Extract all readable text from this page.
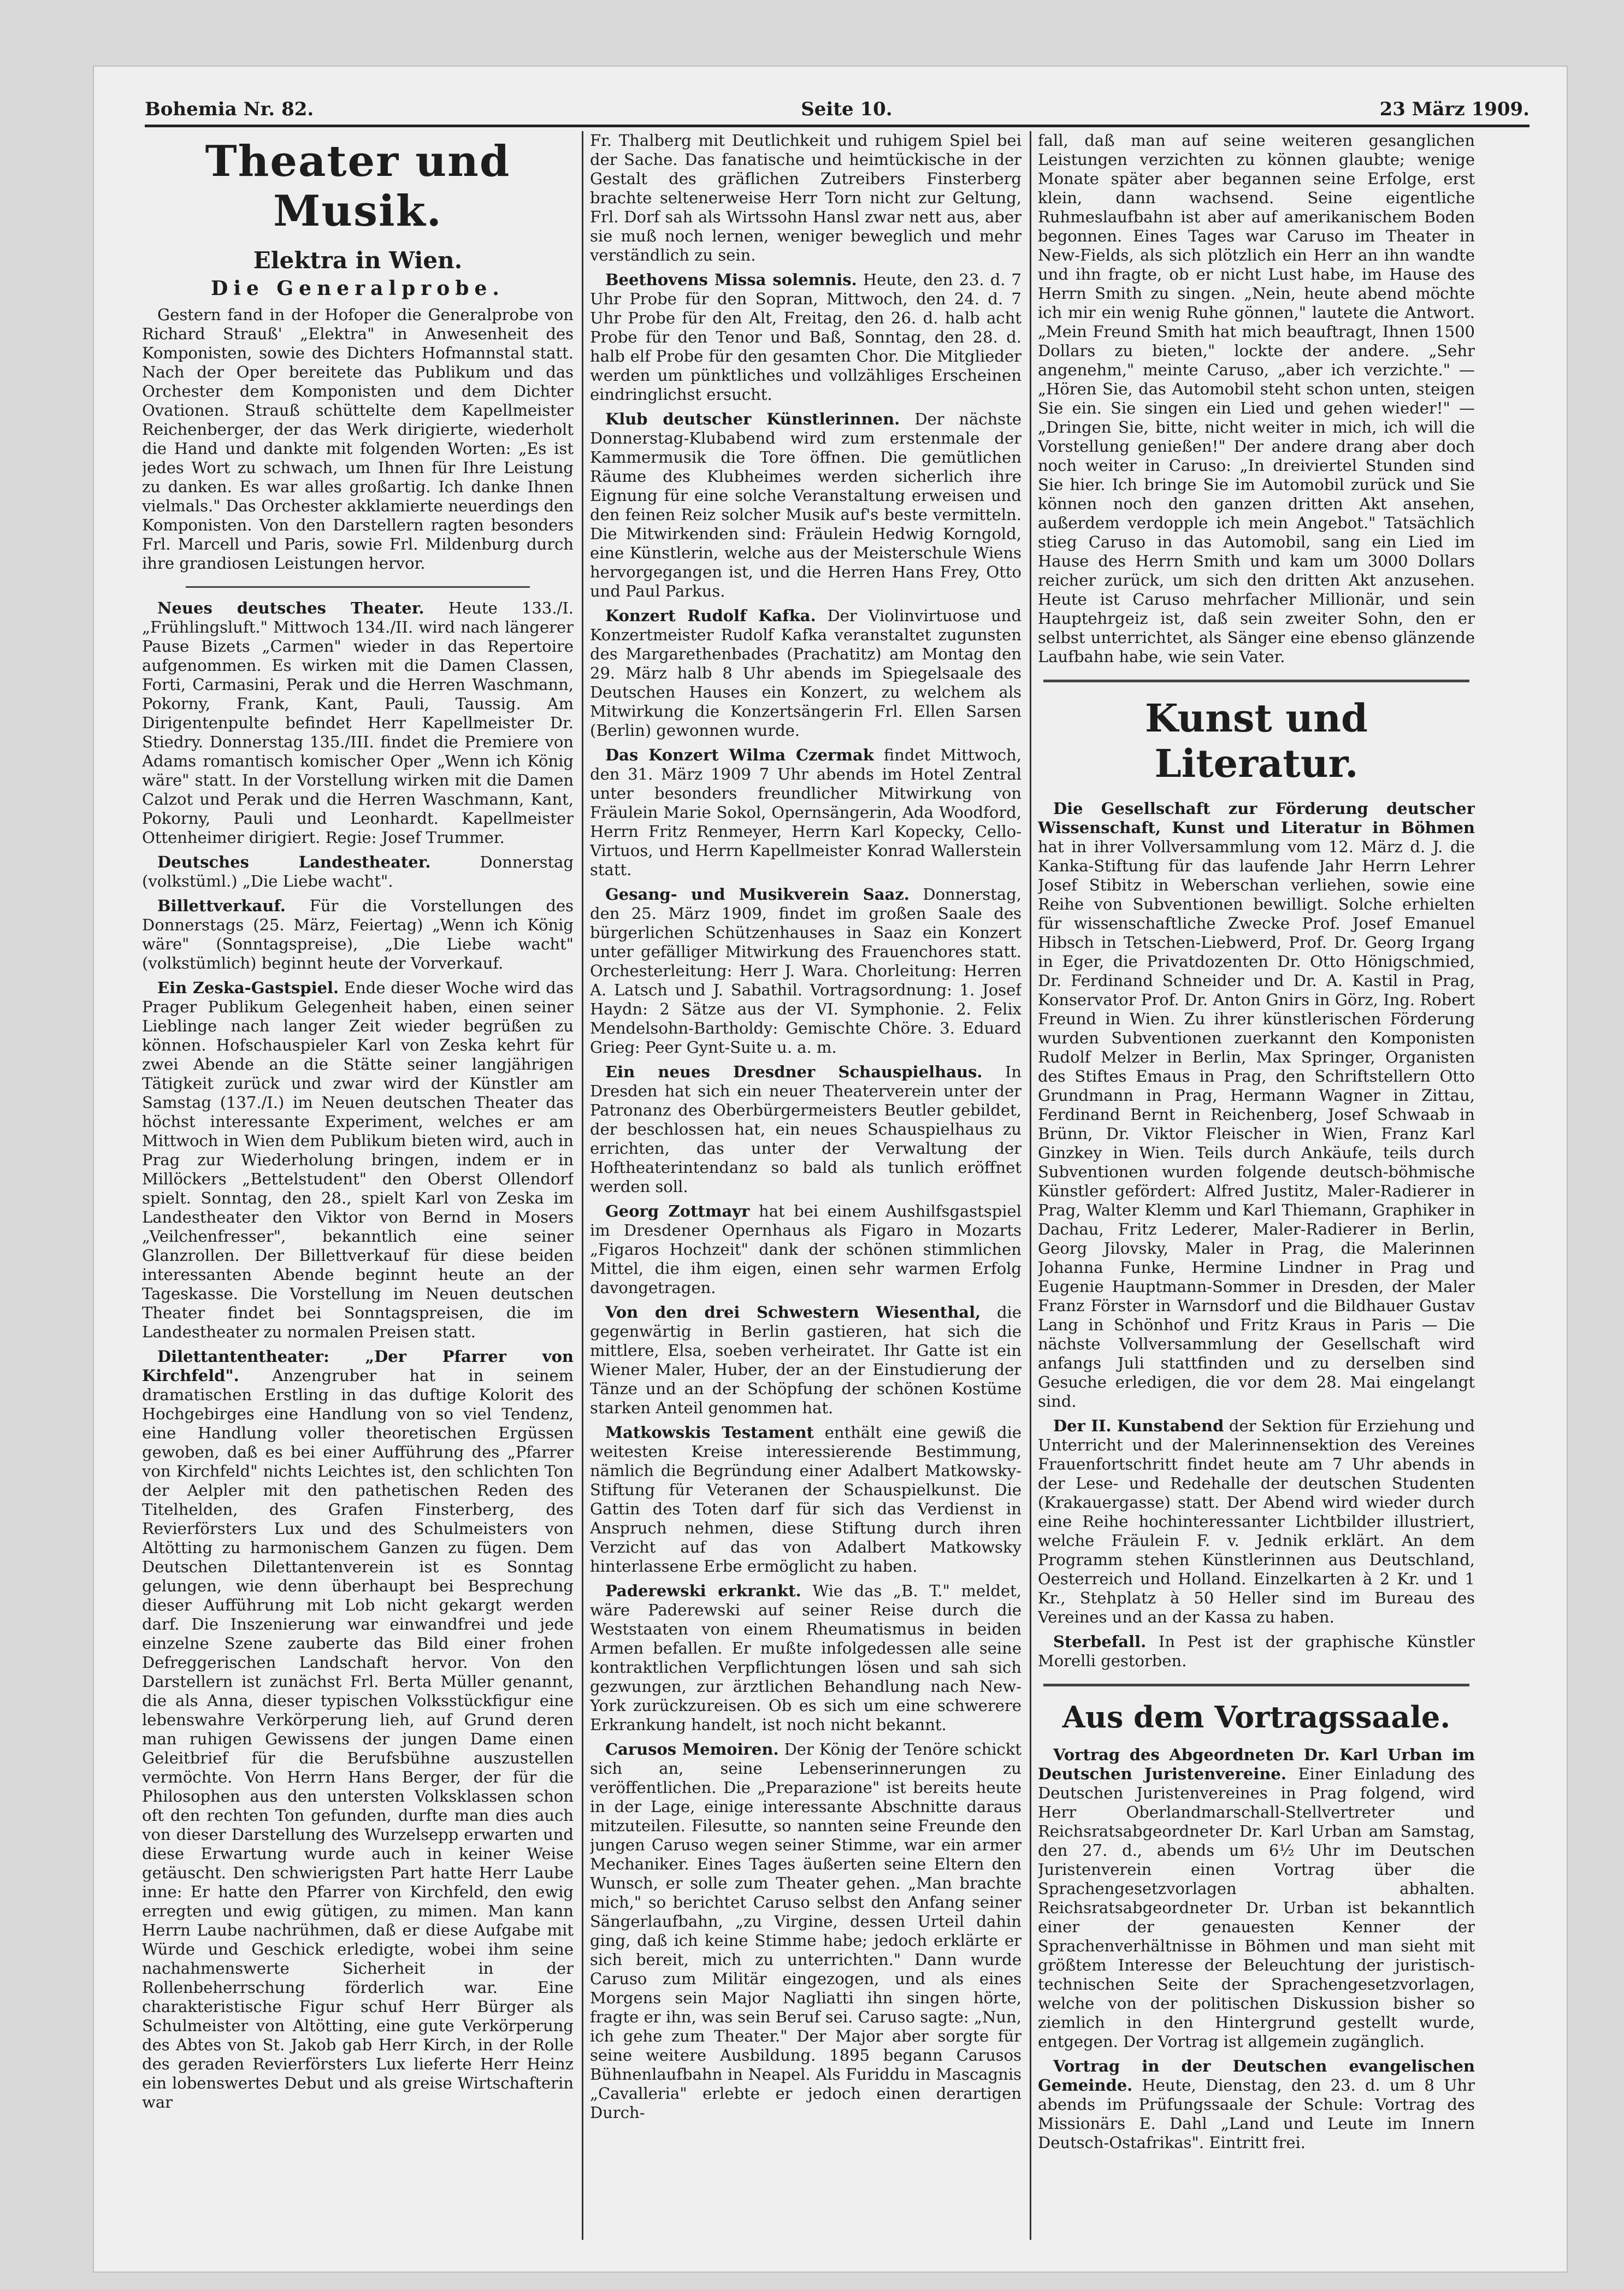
Bohemia Nr. 82.	Seite 10.	23 März 1909.
Theater und Musik.
Elektra in Wien.
Die Generalprobe.

Gestern fand in der Hofoper die Generalprobe von Richard Strauß' „Elektra" in Anwesenheit des Komponisten, sowie des Dichters Hofmannstal statt. Nach der Oper bereitete das Publikum und das Orchester dem Komponisten und dem Dichter Ovationen. Strauß schüttelte dem Kapellmeister Reichenberger, der das Werk dirigierte, wiederholt die Hand und dankte mit folgenden Worten: „Es ist jedes Wort zu schwach, um Ihnen für Ihre Leistung zu danken. Es war alles großartig. Ich danke Ihnen vielmals." Das Orchester akklamierte neuerdings den Komponisten. Von den Darstellern ragten besonders Frl. Marcell und Paris, sowie Frl. Mildenburg durch ihre grandiosen Leistungen hervor.

Neues deutsches Theater. Heute 133./I. „Frühlingsluft." Mittwoch 134./II. wird nach längerer Pause Bizets „Carmen" wieder in das Repertoire aufgenommen. Es wirken mit die Damen Classen, Forti, Carmasini, Perak und die Herren Waschmann, Pokorny, Frank, Kant, Pauli, Taussig. Am Dirigentenpulte befindet Herr Kapellmeister Dr. Stiedry. Donnerstag 135./III. findet die Premiere von Adams romantisch komischer Oper „Wenn ich König wäre" statt. In der Vorstellung wirken mit die Damen Calzot und Perak und die Herren Waschmann, Kant, Pokorny, Pauli und Leonhardt. Kapellmeister Ottenheimer dirigiert. Regie: Josef Trummer.

Deutsches Landestheater.	Donnerstag (volkstüml.) „Die Liebe wacht".

Billettverkauf. Für die Vorstellungen des Donnerstags (25. März, Feiertag) „Wenn ich König wäre" (Sonntagspreise), „Die Liebe wacht" (volkstümlich) beginnt heute der Vorverkauf.

Ein Zeska-Gastspiel. Ende dieser Woche wird das Prager Publikum Gelegenheit haben, einen seiner Lieblinge nach langer Zeit wieder begrüßen zu können. Hofschauspieler Karl von Zeska kehrt für zwei Abende an die Stätte seiner langjährigen Tätigkeit zurück und zwar wird der Künstler am Samstag (137./I.) im Neuen deutschen Theater das höchst interessante Experiment, welches er am Mittwoch in Wien dem Publikum bieten wird, auch in Prag zur Wiederholung bringen, indem er in Millöckers „Bettelstudent" den Oberst Ollendorf spielt. Sonntag, den 28., spielt Karl von Zeska im Landestheater den Viktor von Bernd in Mosers „Veilchenfresser", bekanntlich eine seiner Glanzrollen. Der Billettverkauf für diese beiden interessanten Abende beginnt heute an der Tageskasse. Die Vorstellung im Neuen deutschen Theater findet bei Sonntagspreisen, die im Landestheater zu normalen Preisen statt.

Dilettantentheater: „Der Pfarrer von Kirchfeld". Anzengruber hat in seinem dramatischen Erstling in das duftige Kolorit des Hochgebirges eine Handlung von so viel Tendenz, eine Handlung voller theoretischen Ergüssen gewoben, daß es bei einer Aufführung des „Pfarrer von Kirchfeld" nichts Leichtes ist, den schlichten Ton der Aelpler mit den pathetischen Reden des Titelhelden, des Grafen Finsterberg, des Revierförsters Lux und des Schulmeisters von Altötting zu harmonischem Ganzen zu fügen. Dem Deutschen Dilettantenverein ist es Sonntag gelungen, wie denn überhaupt bei Besprechung dieser Aufführung mit Lob nicht gekargt werden darf. Die Inszenierung war einwandfrei und jede einzelne Szene zauberte das Bild einer frohen Defreggerischen Landschaft hervor. Von den Darstellern ist zunächst Frl. Berta Müller genannt, die als Anna, dieser typischen Volksstückfigur eine lebenswahre Verkörperung lieh, auf Grund deren man ruhigen Gewissens der jungen Dame einen Geleitbrief für die Berufsbühne auszustellen vermöchte. Von Herrn Hans Berger, der für die Philosophen aus den untersten Volksklassen schon oft den rechten Ton gefunden, durfte man dies auch von dieser Darstellung des Wurzelsepp erwarten und diese Erwartung wurde auch in keiner Weise getäuscht. Den schwierigsten Part hatte Herr Laube inne: Er hatte den Pfarrer von Kirchfeld, den ewig erregten und ewig gütigen, zu mimen. Man kann Herrn Laube nachrühmen, daß er diese Aufgabe mit Würde und Geschick erledigte, wobei ihm seine nachahmenswerte Sicherheit in der Rollenbeherrschung förderlich war. Eine charakteristische Figur schuf Herr Bürger als Schulmeister von Altötting, eine gute Verkörperung des Abtes von St. Jakob gab Herr Kirch, in der Rolle des geraden Revierförsters Lux lieferte Herr Heinz ein lobenswertes Debut und als greise Wirtschafterin war

Fr. Thalberg mit Deutlichkeit und ruhigem Spiel bei der Sache. Das fanatische und heimtückische in der Gestalt des gräflichen Zutreibers Finsterberg brachte seltenerweise Herr Torn nicht zur Geltung, Frl. Dorf sah als Wirtssohn Hansl zwar nett aus, aber sie muß noch lernen, weniger beweglich und mehr verständlich zu sein.

Beethovens Missa solemnis. Heute, den 23. d. 7 Uhr Probe für den Sopran, Mittwoch, den 24. d. 7 Uhr Probe für den Alt, Freitag, den 26. d. halb acht Probe für den Tenor und Baß, Sonntag, den 28. d. halb elf Probe für den gesamten Chor. Die Mitglieder werden um pünktliches und vollzähliges Erscheinen eindringlichst ersucht.

Klub deutscher Künstlerinnen. Der nächste Donnerstag-Klubabend wird zum erstenmale der Kammermusik die Tore öffnen. Die gemütlichen Räume des Klubheimes werden sicherlich ihre Eignung für eine solche Veranstaltung erweisen und den feinen Reiz solcher Musik auf's beste vermitteln. Die Mitwirkenden sind: Fräulein Hedwig Korngold, eine Künstlerin, welche aus der Meisterschule Wiens hervorgegangen ist, und die Herren Hans Frey, Otto und Paul Parkus.

Konzert Rudolf Kafka. Der Violinvirtuose und Konzertmeister Rudolf Kafka veranstaltet zugunsten des Margarethenbades (Prachatitz) am Montag den 29. März halb 8 Uhr abends im Spiegelsaale des Deutschen Hauses ein Konzert, zu welchem als Mitwirkung die Konzertsängerin Frl. Ellen Sarsen (Berlin) gewonnen wurde.

Das Konzert Wilma Czermak findet Mittwoch, den 31. März 1909 7 Uhr abends im Hotel Zentral unter besonders freundlicher Mitwirkung von Fräulein Marie Sokol, Opernsängerin, Ada Woodford, Herrn Fritz Renmeyer, Herrn Karl Kopecky, Cello-Virtuos, und Herrn Kapellmeister Konrad Wallerstein statt.

Gesang- und Musikverein Saaz. Donnerstag, den 25. März 1909, findet im großen Saale des bürgerlichen Schützenhauses in Saaz ein Konzert unter gefälliger Mitwirkung des Frauenchores statt. Orchesterleitung: Herr J. Wara. Chorleitung: Herren A. Latsch und J. Sabathil. Vortragsordnung: 1. Josef Haydn: 2 Sätze aus der VI. Symphonie. 2. Felix Mendelsohn-Bartholdy: Gemischte Chöre. 3. Eduard Grieg: Peer Gynt-Suite u. a. m.

Ein neues Dresdner Schauspielhaus. In Dresden hat sich ein neuer Theaterverein unter der Patronanz des Oberbürgermeisters Beutler gebildet, der beschlossen hat, ein neues Schauspielhaus zu errichten, das unter der Verwaltung der Hoftheaterintendanz so bald als tunlich eröffnet werden soll.

Georg Zottmayr hat bei einem Aushilfsgastspiel im Dresdener Opernhaus als Figaro in Mozarts „Figaros Hochzeit" dank der schönen stimmlichen Mittel, die ihm eigen, einen sehr warmen Erfolg davongetragen.

Von den drei Schwestern Wiesenthal, die gegenwärtig in Berlin gastieren, hat sich die mittlere, Elsa, soeben verheiratet. Ihr Gatte ist ein Wiener Maler, Huber, der an der Einstudierung der Tänze und an der Schöpfung der schönen Kostüme starken Anteil genommen hat.

Matkowskis Testament enthält eine gewiß die weitesten Kreise interessierende Bestimmung, nämlich die Begründung einer Adalbert Matkowsky-Stiftung für Veteranen der Schauspielkunst. Die Gattin des Toten darf für sich das Verdienst in Anspruch nehmen, diese Stiftung durch ihren Verzicht auf das von Adalbert Matkowsky hinterlassene Erbe ermöglicht zu haben.

Paderewski erkrankt. Wie das „B. T." meldet, wäre Paderewski auf seiner Reise durch die Weststaaten von einem Rheumatismus in beiden Armen befallen. Er mußte infolgedessen alle seine kontraktlichen Verpflichtungen lösen und sah sich gezwungen, zur ärztlichen Behandlung nach New-York zurückzureisen. Ob es sich um eine schwerere Erkrankung handelt, ist noch nicht bekannt.

Carusos Memoiren. Der König der Tenöre schickt sich an, seine Lebenserinnerungen zu veröffentlichen. Die „Preparazione" ist bereits heute in der Lage, einige interessante Abschnitte daraus mitzuteilen. Filesutte, so nannten seine Freunde den jungen Caruso wegen seiner Stimme, war ein armer Mechaniker. Eines Tages äußerten seine Eltern den Wunsch, er solle zum Theater gehen. „Man brachte mich," so berichtet Caruso selbst den Anfang seiner Sängerlaufbahn, „zu Virgine, dessen Urteil dahin ging, daß ich keine Stimme habe; jedoch erklärte er sich bereit, mich zu unterrichten." Dann wurde Caruso zum Militär eingezogen, und als eines Morgens sein Major Nagliatti ihn singen hörte, fragte er ihn, was sein Beruf sei. Caruso sagte: „Nun, ich gehe zum Theater." Der Major aber sorgte für seine weitere Ausbildung. 1895 begann Carusos Bühnenlaufbahn in Neapel. Als Furiddu in Mascagnis „Cavalleria" erlebte er jedoch einen derartigen Durch-

fall, daß man auf seine weiteren gesanglichen Leistungen verzichten zu können glaubte; wenige Monate später aber begannen seine Erfolge, erst klein, dann wachsend. Seine eigentliche Ruhmeslaufbahn ist aber auf amerikanischem Boden begonnen. Eines Tages war Caruso im Theater in New-Fields, als sich plötzlich ein Herr an ihn wandte und ihn fragte, ob er nicht Lust habe, im Hause des Herrn Smith zu singen. „Nein, heute abend möchte ich mir ein wenig Ruhe gönnen," lautete die Antwort. „Mein Freund Smith hat mich beauftragt, Ihnen 1500 Dollars zu bieten," lockte der andere. „Sehr angenehm," meinte Caruso, „aber ich verzichte." — „Hören Sie, das Automobil steht schon unten, steigen Sie ein. Sie singen ein Lied und gehen wieder!" — „Dringen Sie, bitte, nicht weiter in mich, ich will die Vorstellung genießen!" Der andere drang aber doch noch weiter in Caruso: „In dreiviertel Stunden sind Sie hier. Ich bringe Sie im Automobil zurück und Sie können noch den ganzen dritten Akt ansehen, außerdem verdopple ich mein Angebot." Tatsächlich stieg Caruso in das Automobil, sang ein Lied im Hause des Herrn Smith und kam um 3000 Dollars reicher zurück, um sich den dritten Akt anzusehen. Heute ist Caruso mehrfacher Millionär, und sein Hauptehrgeiz ist, daß sein zweiter Sohn, den er selbst unterrichtet, als Sänger eine ebenso glänzende Laufbahn habe, wie sein Vater.

Kunst und Literatur.

Die Gesellschaft zur Förderung deutscher Wissenschaft, Kunst und Literatur in Böhmen hat in ihrer Vollversammlung vom 12. März d. J. die Kanka-Stiftung für das laufende Jahr Herrn Lehrer Josef Stibitz in Weberschan verliehen, sowie eine Reihe von Subventionen bewilligt. Solche erhielten für wissenschaftliche Zwecke Prof. Josef Emanuel Hibsch in Tetschen-Liebwerd, Prof. Dr. Georg Irgang in Eger, die Privatdozenten Dr. Otto Hönigschmied, Dr. Ferdinand Schneider und Dr. A. Kastil in Prag, Konservator Prof. Dr. Anton Gnirs in Görz, Ing. Robert Freund in Wien. Zu ihrer künstlerischen Förderung wurden Subventionen zuerkannt den Komponisten Rudolf Melzer in Berlin, Max Springer, Organisten des Stiftes Emaus in Prag, den Schriftstellern Otto Grundmann in Prag, Hermann Wagner in Zittau, Ferdinand Bernt in Reichenberg, Josef Schwaab in Brünn, Dr. Viktor Fleischer in Wien, Franz Karl Ginzkey in Wien. Teils durch Ankäufe, teils durch Subventionen wurden folgende deutsch-böhmische Künstler gefördert: Alfred Justitz, Maler-Radierer in Prag, Walter Klemm und Karl Thiemann, Graphiker in Dachau, Fritz Lederer, Maler-Radierer in Berlin, Georg Jilovsky, Maler in Prag, die Malerinnen Johanna Funke, Hermine Lindner in Prag und Eugenie Hauptmann-Sommer in Dresden, der Maler Franz Förster in Warnsdorf und die Bildhauer Gustav Lang in Schönhof und Fritz Kraus in Paris — Die nächste Vollversammlung der Gesellschaft wird anfangs Juli stattfinden und zu derselben sind Gesuche erledigen, die vor dem 28. Mai eingelangt sind.

Der II. Kunstabend der Sektion für Erziehung und Unterricht und der Malerinnensektion des Vereines Frauenfortschritt findet heute am 7 Uhr abends in der Lese- und Redehalle der deutschen Studenten (Krakauergasse) statt. Der Abend wird wieder durch eine Reihe hochinteressanter Lichtbilder illustriert, welche Fräulein F. v. Jednik erklärt. An dem Programm stehen Künstlerinnen aus Deutschland, Oesterreich und Holland. Einzelkarten à 2 Kr. und 1 Kr., Stehplatz à 50 Heller sind im Bureau des Vereines und an der Kassa zu haben.

Sterbefall. In Pest ist der graphische Künstler Morelli gestorben.

Aus dem Vortragssaale.

Vortrag des Abgeordneten Dr. Karl Urban im Deutschen Juristenvereine. Einer Einladung des Deutschen Juristenvereines in Prag folgend, wird Herr Oberlandmarschall-Stellvertreter und Reichsratsabgeordneter Dr. Karl Urban am Samstag, den 27. d., abends um 6½ Uhr im Deutschen Juristenverein einen Vortrag über die Sprachengesetzvorlagen abhalten. Reichsratsabgeordneter Dr. Urban ist bekanntlich einer der genauesten Kenner der Sprachenverhältnisse in Böhmen und man sieht mit größtem Interesse der Beleuchtung der juristisch-technischen Seite der Sprachengesetzvorlagen, welche von der politischen Diskussion bisher so ziemlich in den Hintergrund gestellt wurde, entgegen. Der Vortrag ist allgemein zugänglich.

Vortrag in der Deutschen evangelischen Gemeinde. Heute, Dienstag, den 23. d. um 8 Uhr abends im Prüfungssaale der Schule: Vortrag des Missionärs E. Dahl „Land und Leute im Innern Deutsch-Ostafrikas". Eintritt frei.
